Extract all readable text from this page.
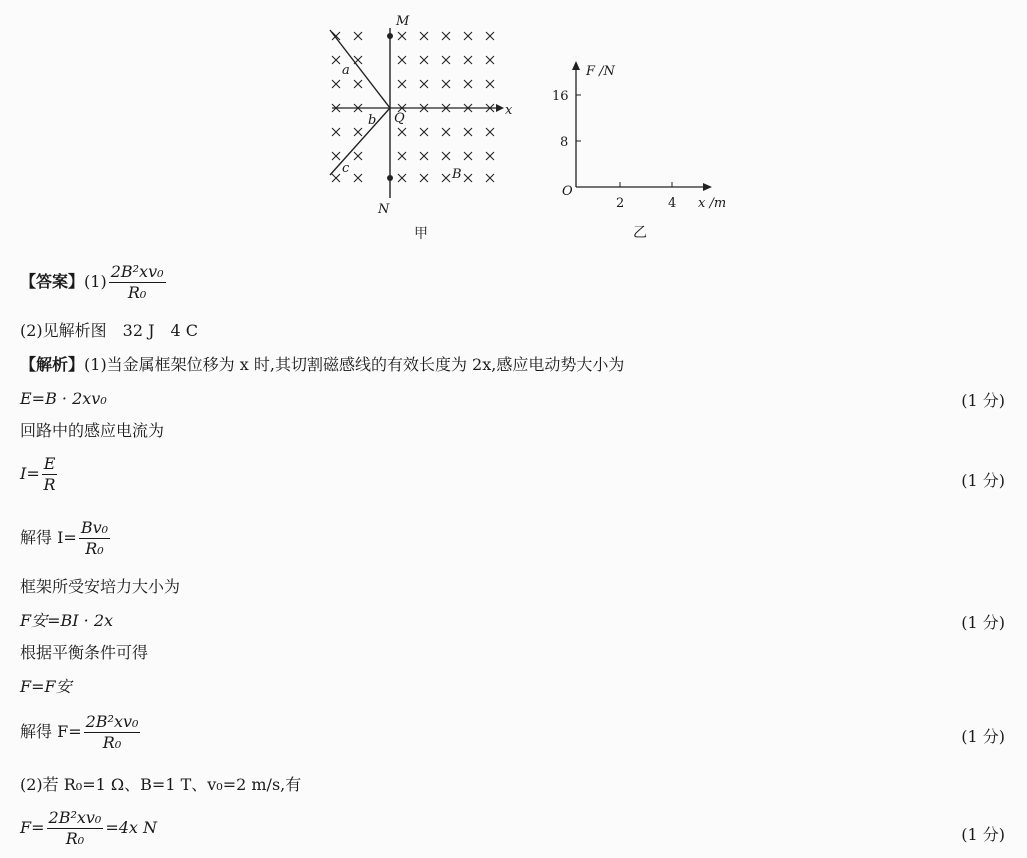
M
N
Q
x
a
b
c	B
甲
F /N
x /m
O
16
8
2	4
乙
【答案】$(1) \frac{\text{2B²xv₀}}{\text{R₀}}$
(2)见解析图　32 J　4 C
【解析】(1)当金属框架位移为 x 时,其切割磁感线的有效长度为 2x,感应电动势大小为
E=B · 2xv₀	(1 分)
回路中的感应电流为
$I= \frac{E}{R}$	(1 分)
解得 $I= \frac{\text{Bv₀}}{\text{R₀}}$
框架所受安培力大小为
F安=BI · 2x	(1 分)
根据平衡条件可得
F=F安
解得 $F= \frac{\text{2B²xv₀}}{\text{R₀}}$	(1 分)
(2)若 R₀=1 Ω、B=1 T、v₀=2 m/s,有
$F= \frac{\text{2B²xv₀}}{\text{R₀}} =4x$ N	(1 分)
